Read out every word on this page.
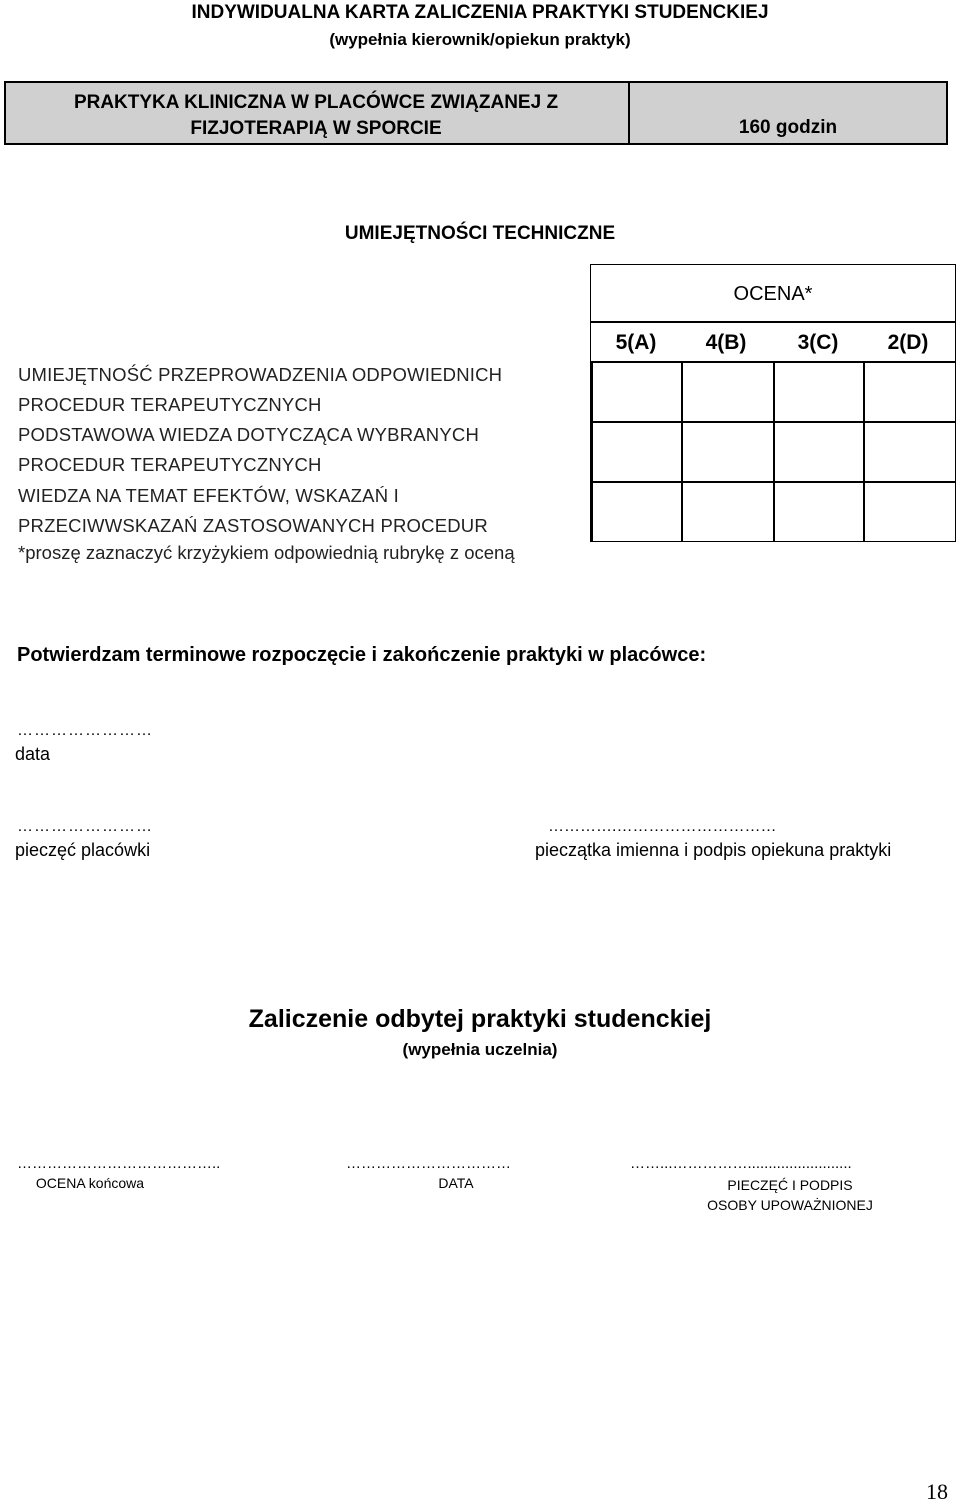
INDYWIDUALNA KARTA ZALICZENIA PRAKTYKI STUDENCKIEJ
(wypełnia kierownik/opiekun praktyk)
PRAKTYKA KLINICZNA W PLACÓWCE ZWIĄZANEJ Z
FIZJOTERAPIĄ W SPORCIE	160 godzin
UMIEJĘTNOŚCI TECHNICZNE
OCENA*
5(A)	4(B)	3(C)	2(D)
UMIEJĘTNOŚĆ PRZEPROWADZENIA ODPOWIEDNICH
PROCEDUR TERAPEUTYCZNYCH
PODSTAWOWA WIEDZA DOTYCZĄCA WYBRANYCH
PROCEDUR TERAPEUTYCZNYCH
WIEDZA NA TEMAT EFEKTÓW, WSKAZAŃ I
PRZECIWWSKAZAŃ ZASTOSOWANYCH PROCEDUR
*proszę zaznaczyć krzyżykiem odpowiednią rubrykę z oceną
Potwierdzam terminowe rozpoczęcie i zakończenie praktyki w placówce:
……………………
data
……………………
pieczęć placówki
………….…………………………
pieczątka imienna i podpis opiekuna praktyki
Zaliczenie odbytej praktyki studenckiej
(wypełnia uczelnia)
…………………………………..
OCENA końcowa
……………………………
DATA
……...…………….........................
PIECZĘĆ I PODPIS
OSOBY UPOWAŻNIONEJ
18
